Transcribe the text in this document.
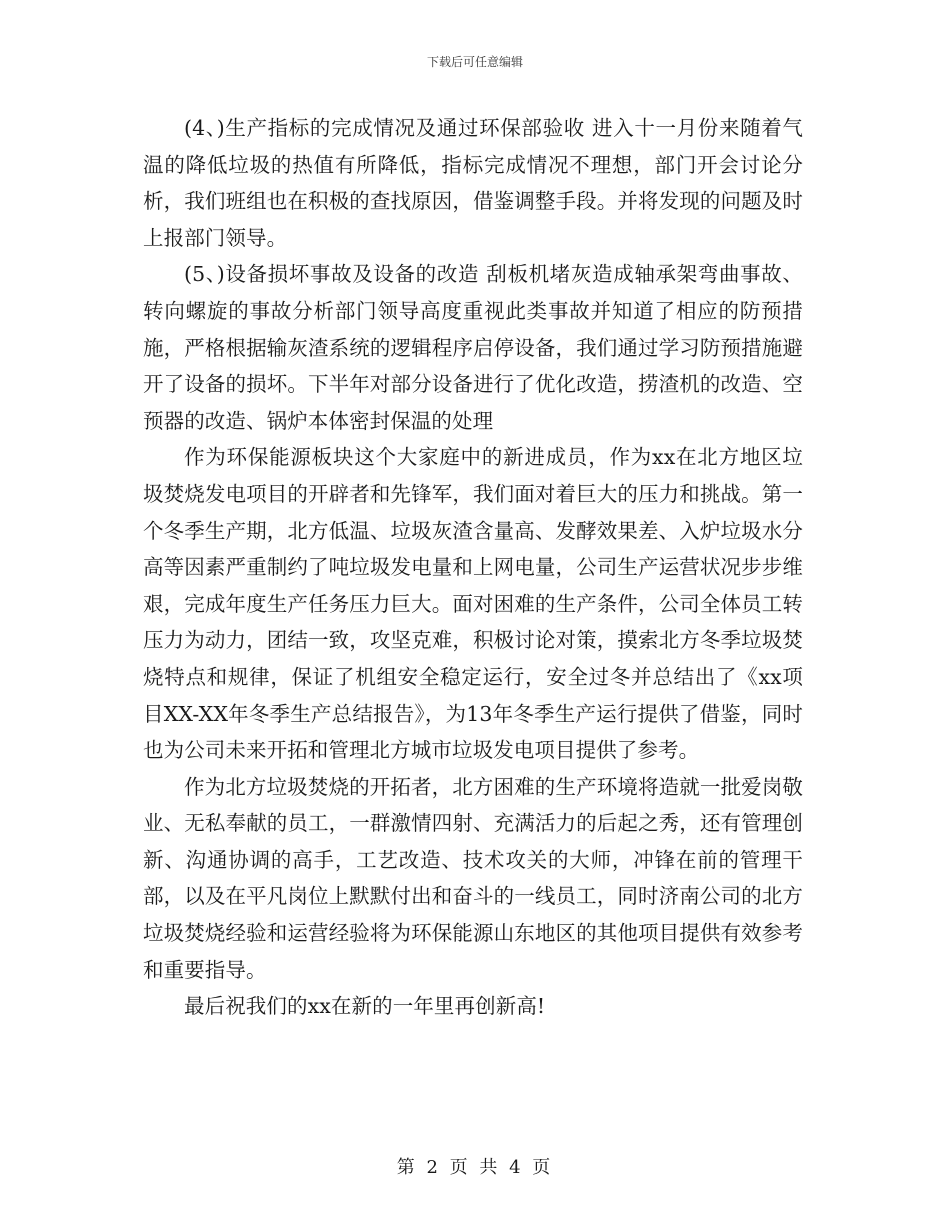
下载后可任意编辑

(4、)生产指标的完成情况及通过环保部验收 进入十一月份来随着气温的降低垃圾的热值有所降低，指标完成情况不理想，部门开会讨论分析，我们班组也在积极的查找原因，借鉴调整手段。并将发现的问题及时上报部门领导。

(5、)设备损坏事故及设备的改造 刮板机堵灰造成轴承架弯曲事故、转向螺旋的事故分析部门领导高度重视此类事故并知道了相应的防预措施，严格根据输灰渣系统的逻辑程序启停设备，我们通过学习防预措施避开了设备的损坏。下半年对部分设备进行了优化改造，捞渣机的改造、空预器的改造、锅炉本体密封保温的处理

作为环保能源板块这个大家庭中的新进成员，作为xx在北方地区垃圾焚烧发电项目的开辟者和先锋军，我们面对着巨大的压力和挑战。第一个冬季生产期，北方低温、垃圾灰渣含量高、发酵效果差、入炉垃圾水分高等因素严重制约了吨垃圾发电量和上网电量，公司生产运营状况步步维艰，完成年度生产任务压力巨大。面对困难的生产条件，公司全体员工转压力为动力，团结一致，攻坚克难，积极讨论对策，摸索北方冬季垃圾焚烧特点和规律，保证了机组安全稳定运行，安全过冬并总结出了《xx项目XX-XX年冬季生产总结报告》，为13年冬季生产运行提供了借鉴，同时也为公司未来开拓和管理北方城市垃圾发电项目提供了参考。

作为北方垃圾焚烧的开拓者，北方困难的生产环境将造就一批爱岗敬业、无私奉献的员工，一群激情四射、充满活力的后起之秀，还有管理创新、沟通协调的高手，工艺改造、技术攻关的大师，冲锋在前的管理干部，以及在平凡岗位上默默付出和奋斗的一线员工，同时济南公司的北方垃圾焚烧经验和运营经验将为环保能源山东地区的其他项目提供有效参考和重要指导。

最后祝我们的xx在新的一年里再创新高!

第 2 页 共 4 页
